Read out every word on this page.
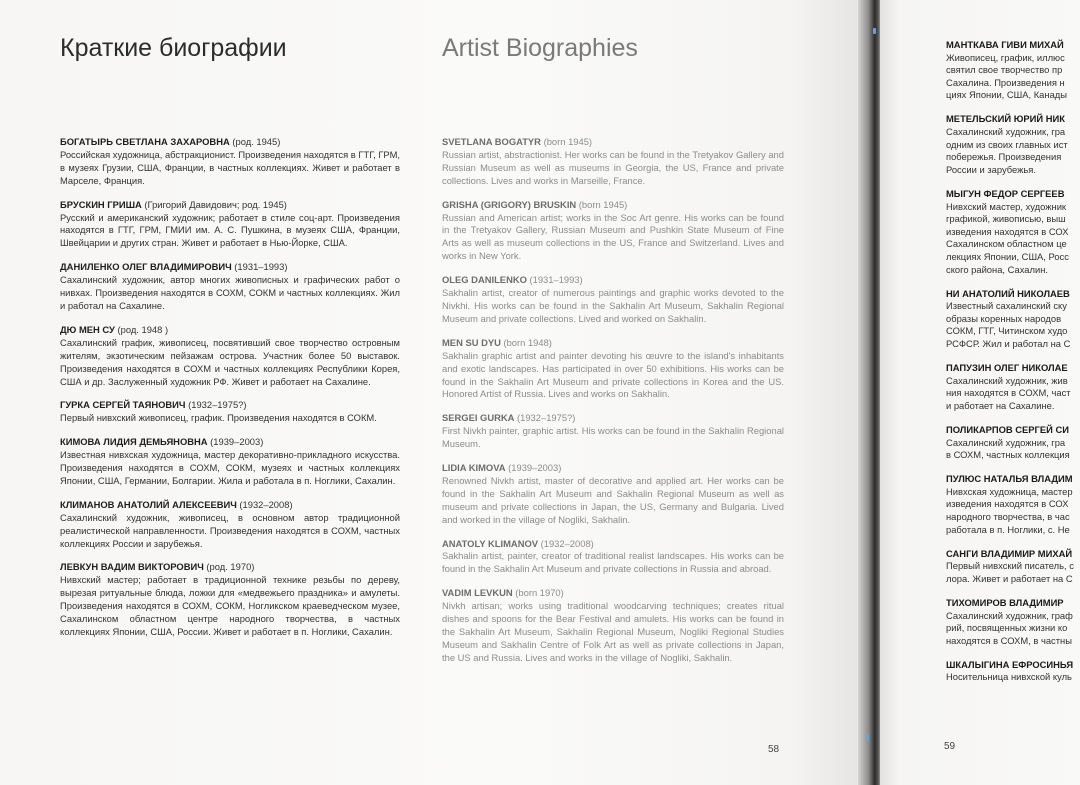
Краткие биографии	Artist Biographies
БОГАТЫРЬ СВЕТЛАНА ЗАХАРОВНА (род. 1945)
Российская художница, абстракционист. Произведения находятся в ГТГ, ГРМ, в музеях Грузии, США, Франции, в частных коллекциях. Живет и работает в Марселе, Франция.
БРУСКИН ГРИША (Григорий Давидович; род. 1945)
Русский и американский художник; работает в стиле соц-арт. Произведения находятся в ГТГ, ГРМ, ГМИИ им. А. С. Пушкина, в музеях США, Франции, Швейцарии и других стран. Живет и работает в Нью-Йорке, США.
ДАНИЛЕНКО ОЛЕГ ВЛАДИМИРОВИЧ (1931–1993)
Сахалинский художник, автор многих живописных и графических работ о нивхах. Произведения находятся в СОХМ, СОКМ и частных коллекциях. Жил и работал на Сахалине.
ДЮ МЕН СУ (род. 1948 )
Сахалинский график, живописец, посвятивший свое творчество островным жителям, экзотическим пейзажам острова. Участник более 50 выставок. Произведения находятся в СОХМ и частных коллекциях Республики Корея, США и др. Заслуженный художник РФ. Живет и работает на Сахалине.
ГУРКА СЕРГЕЙ ТАЯНОВИЧ (1932–1975?)
Первый нивхский живописец, график. Произведения находятся в СОКМ.
КИМОВА ЛИДИЯ ДЕМЬЯНОВНА (1939–2003)
Известная нивхская художница, мастер декоративно-прикладного искусства. Произведения находятся в СОХМ, СОКМ, музеях и частных коллекциях Японии, США, Германии, Болгарии. Жила и работала в п. Ноглики, Сахалин.
КЛИМАНОВ АНАТОЛИЙ АЛЕКСЕЕВИЧ (1932–2008)
Сахалинский художник, живописец, в основном автор традиционной реалистической направленности. Произведения находятся в СОХМ, частных коллекциях России и зарубежья.
ЛЕВКУН ВАДИМ ВИКТОРОВИЧ (род. 1970)
Нивхский мастер; работает в традиционной технике резьбы по дереву, вырезая ритуальные блюда, ложки для «медвежьего праздника» и амулеты. Произведения находятся в СОХМ, СОКМ, Ногликском краеведческом музее, Сахалинском областном центре народного творчества, в частных коллекциях Японии, США, России. Живет и работает в п. Ноглики, Сахалин.
SVETLANA BOGATYR (born 1945)
Russian artist, abstractionist. Her works can be found in the Tretyakov Gallery and Russian Museum as well as museums in Georgia, the US, France and private collections. Lives and works in Marseille, France.
GRISHA (GRIGORY) BRUSKIN (born 1945)
Russian and American artist; works in the Soc Art genre. His works can be found in the Tretyakov Gallery, Russian Museum and Pushkin State Museum of Fine Arts as well as museum collections in the US, France and Switzerland. Lives and works in New York.
OLEG DANILENKO (1931–1993)
Sakhalin artist, creator of numerous paintings and graphic works devoted to the Nivkhi. His works can be found in the Sakhalin Art Museum, Sakhalin Regional Museum and private collections. Lived and worked on Sakhalin.
MEN SU DYU (born 1948)
Sakhalin graphic artist and painter devoting his œuvre to the island's inhabitants and exotic landscapes. Has participated in over 50 exhibitions. His works can be found in the Sakhalin Art Museum and private collections in Korea and the US. Honored Artist of Russia. Lives and works on Sakhalin.
SERGEI GURKA (1932–1975?)
First Nivkh painter, graphic artist. His works can be found in the Sakhalin Regional Museum.
LIDIA KIMOVA (1939–2003)
Renowned Nivkh artist, master of decorative and applied art. Her works can be found in the Sakhalin Art Museum and Sakhalin Regional Museum as well as museum and private collections in Japan, the US, Germany and Bulgaria. Lived and worked in the village of Nogliki, Sakhalin.
ANATOLY KLIMANOV (1932–2008)
Sakhalin artist, painter, creator of traditional realist landscapes. His works can be found in the Sakhalin Art Museum and private collections in Russia and abroad.
VADIM LEVKUN (born 1970)
Nivkh artisan; works using traditional woodcarving techniques; creates ritual dishes and spoons for the Bear Festival and amulets. His works can be found in the Sakhalin Art Museum, Sakhalin Regional Museum, Nogliki Regional Studies Museum and Sakhalin Centre of Folk Art as well as private collections in Japan, the US and Russia. Lives and works in the village of Nogliki, Sakhalin.
МАНТКАВА ГИВИ МИХАЙ
Живописец, график, иллюс
святил свое творчество пр
Сахалина. Произведения н
циях Японии, США, Канады
МЕТЕЛЬСКИЙ ЮРИЙ НИК
Сахалинский художник, гра
одним из своих главных ист
побережья. Произведения
России и зарубежья.
МЫГУН ФЕДОР СЕРГЕЕВ
Нивхский мастер, художник
графикой, живописью, выш
изведения находятся в СОХ
Сахалинском областном це
лекциях Японии, США, Росс
ского района, Сахалин.
НИ АНАТОЛИЙ НИКОЛАЕВ
Известный сахалинский ску
образы коренных народов
СОКМ, ГТГ, Читинском худо
РСФСР. Жил и работал на С
ПАПУЗИН ОЛЕГ НИКОЛАЕ
Сахалинский художник, жив
ния находятся в СОХМ, част
и работает на Сахалине.
ПОЛИКАРПОВ СЕРГЕЙ СИ
Сахалинский художник, гра
в СОХМ, частных коллекция
ПУЛЮС НАТАЛЬЯ ВЛАДИМ
Нивхская художница, мастер
изведения находятся в СОХ
народного творчества, в час
работала в п. Ноглики, с. Не
САНГИ ВЛАДИМИР МИХАЙ
Первый нивхский писатель, с
лора. Живет и работает на С
ТИХОМИРОВ ВЛАДИМИР
Сахалинский художник, граф
рий, посвященных жизни ко
находятся в СОХМ, в частны
ШКАЛЫГИНА ЕФРОСИНЬЯ
Носительница нивхской куль
58	59
